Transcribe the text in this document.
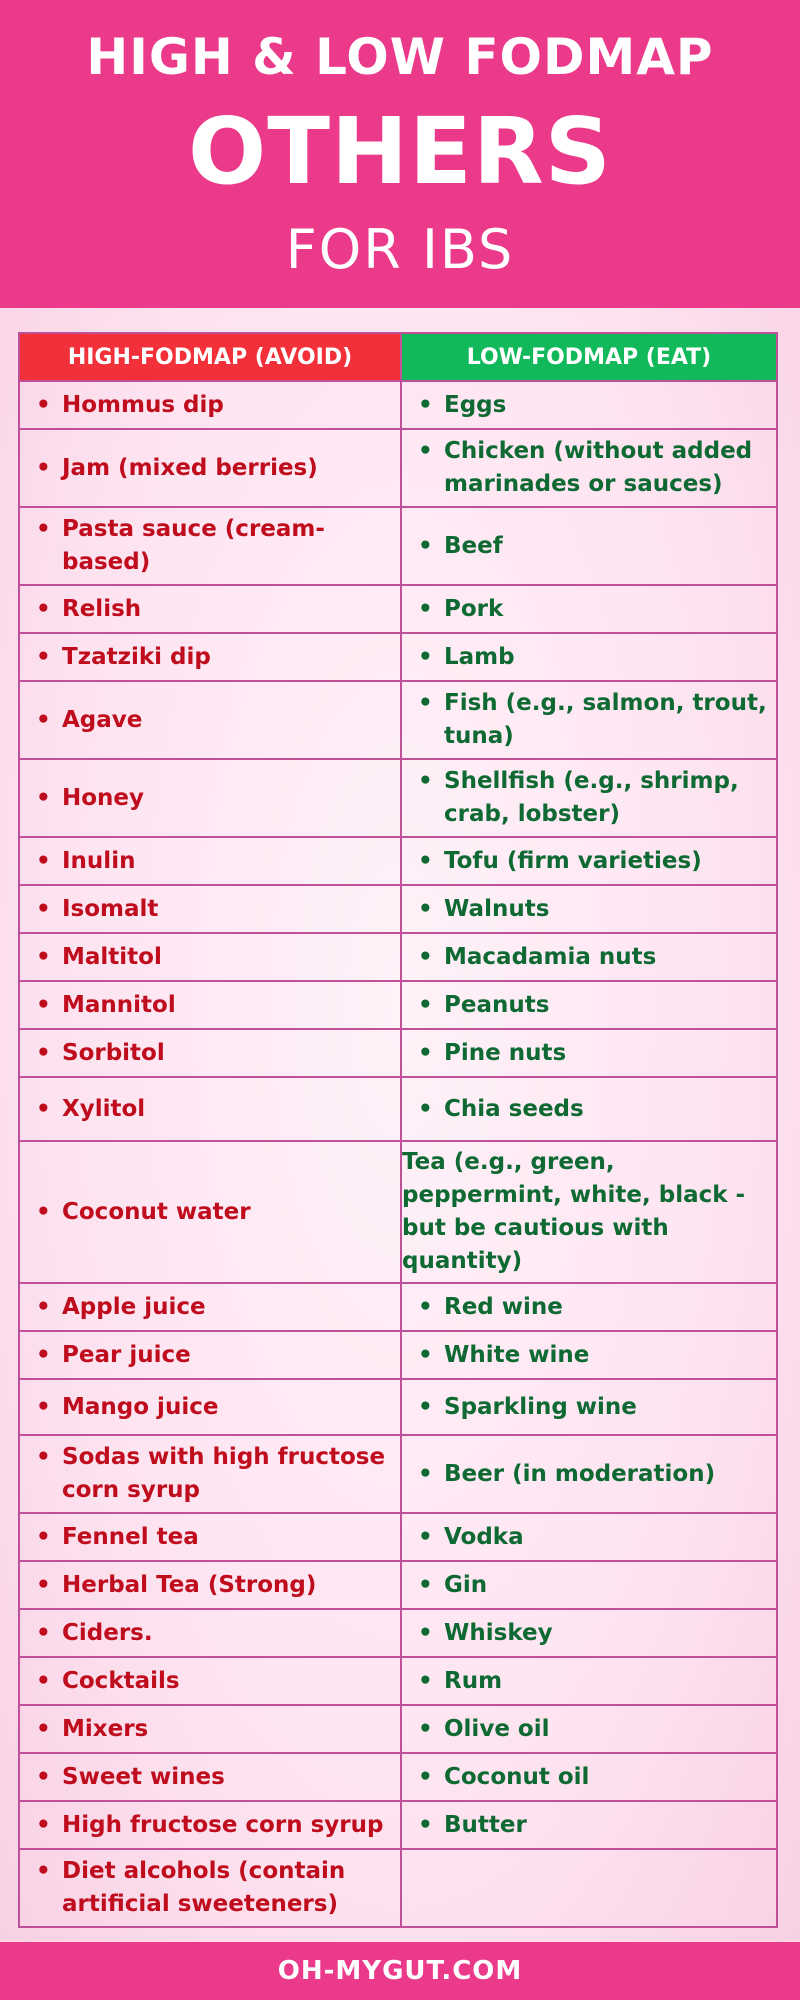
HIGH & LOW FODMAP
OTHERS
FOR IBS
HIGH-FODMAP (AVOID)	LOW-FODMAP (EAT)

• Hommus dip	• Eggs

• Jam (mixed berries)	• Chicken (without added marinades or sauces)

• Pasta sauce (cream-based)	• Beef

• Relish	• Pork

• Tzatziki dip	• Lamb

• Agave	• Fish (e.g., salmon, trout, tuna)

• Honey	• Shellfish (e.g., shrimp, crab, lobster)

• Inulin	• Tofu (firm varieties)

• Isomalt	• Walnuts

• Maltitol	• Macadamia nuts

• Mannitol	• Peanuts

• Sorbitol	• Pine nuts

• Xylitol	• Chia seeds

• Coconut water	Tea (e.g., green, peppermint, white, black - but be cautious with quantity)

• Apple juice	• Red wine

• Pear juice	• White wine

• Mango juice	• Sparkling wine

• Sodas with high fructose corn syrup	• Beer (in moderation)

• Fennel tea	• Vodka

• Herbal Tea (Strong)	• Gin

• Ciders.	• Whiskey

• Cocktails	• Rum

• Mixers	• Olive oil

• Sweet wines	• Coconut oil

• High fructose corn syrup	• Butter

• Diet alcohols (contain artificial sweeteners)	

OH-MYGUT.COM
